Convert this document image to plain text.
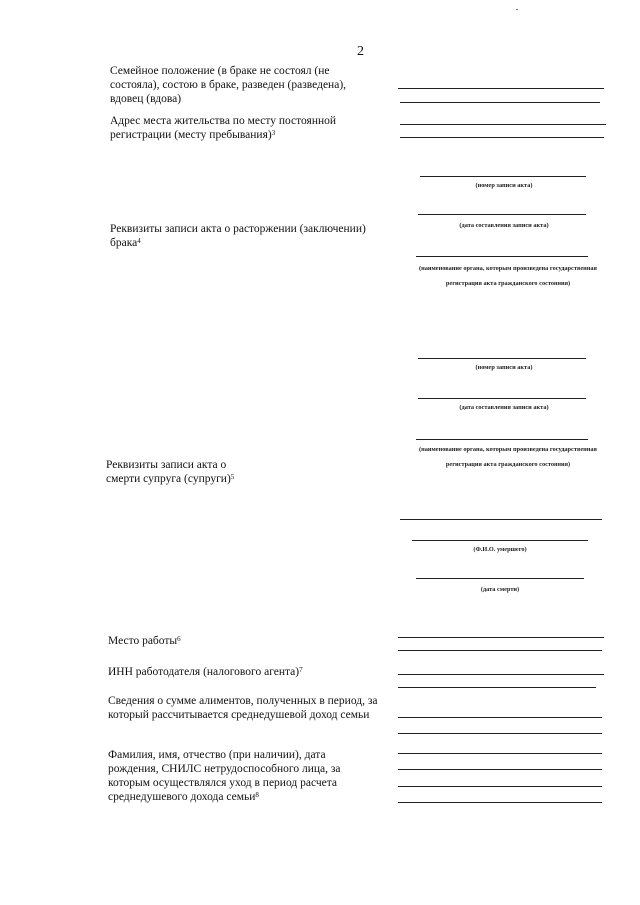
2
Семейное положение (в браке не состоял (не состояла), состою в браке, разведен (разведена), вдовец (вдова)
Адрес места жительства по месту постоянной регистрации (месту пребывания)$^3$
(номер записи акта)
(дата составления записи акта)
Реквизиты записи акта о расторжении (заключении) брака$^4$
(наименование органа, которым произведена государственная регистрация акта гражданского состояния)
(номер записи акта)
(дата составления записи акта)
(наименование органа, которым произведена государственная регистрация акта гражданского состояния)
Реквизиты записи акта о смерти супруга (супруги)$^5$
(Ф.И.О. умершего)
(дата смерти)
Место работы$^6$
ИНН работодателя (налогового агента)$^7$
Сведения о сумме алиментов, полученных в период, за который рассчитывается среднедушевой доход семьи
Фамилия, имя, отчество (при наличии), дата рождения, СНИЛС нетрудоспособного лица, за которым осуществлялся уход в период расчета среднедушевого дохода семьи$^8$
